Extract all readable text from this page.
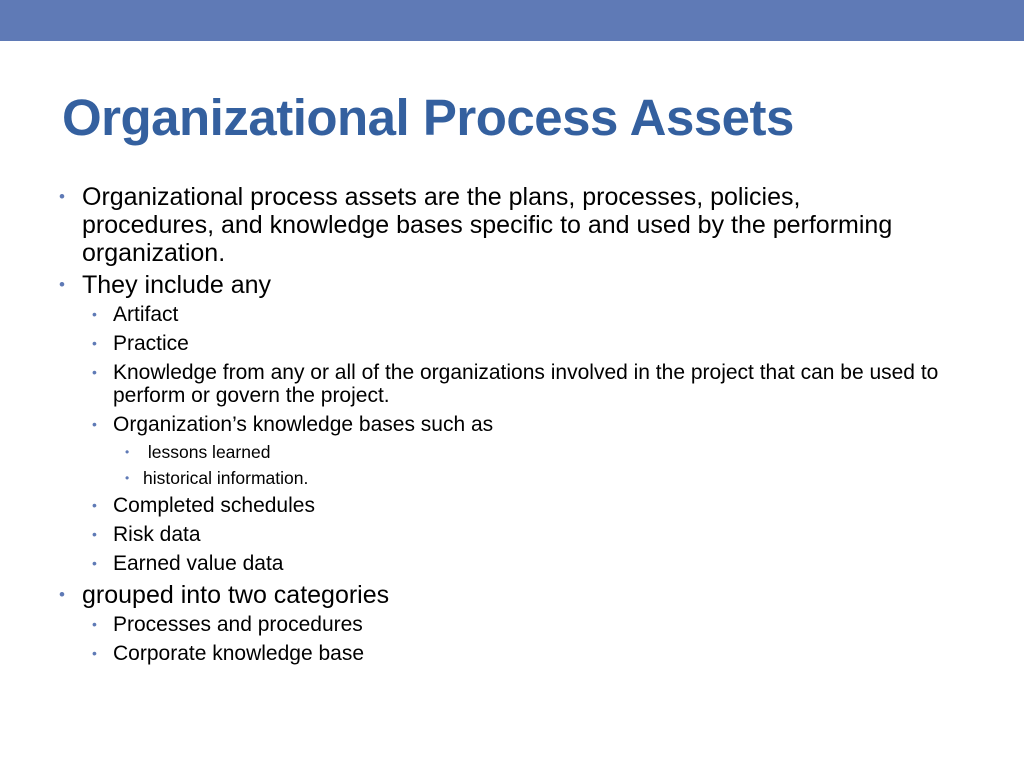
Organizational Process Assets
• Organizational process assets are the plans, processes, policies, procedures, and knowledge bases specific to and used by the performing organization.
• They include any
• Artifact
• Practice
• Knowledge from any or all of the organizations involved in the project that can be used to perform or govern the project.
• Organization’s knowledge bases such as
• lessons learned
• historical information.
• Completed schedules
• Risk data
• Earned value data
• grouped into two categories
• Processes and procedures
• Corporate knowledge base
